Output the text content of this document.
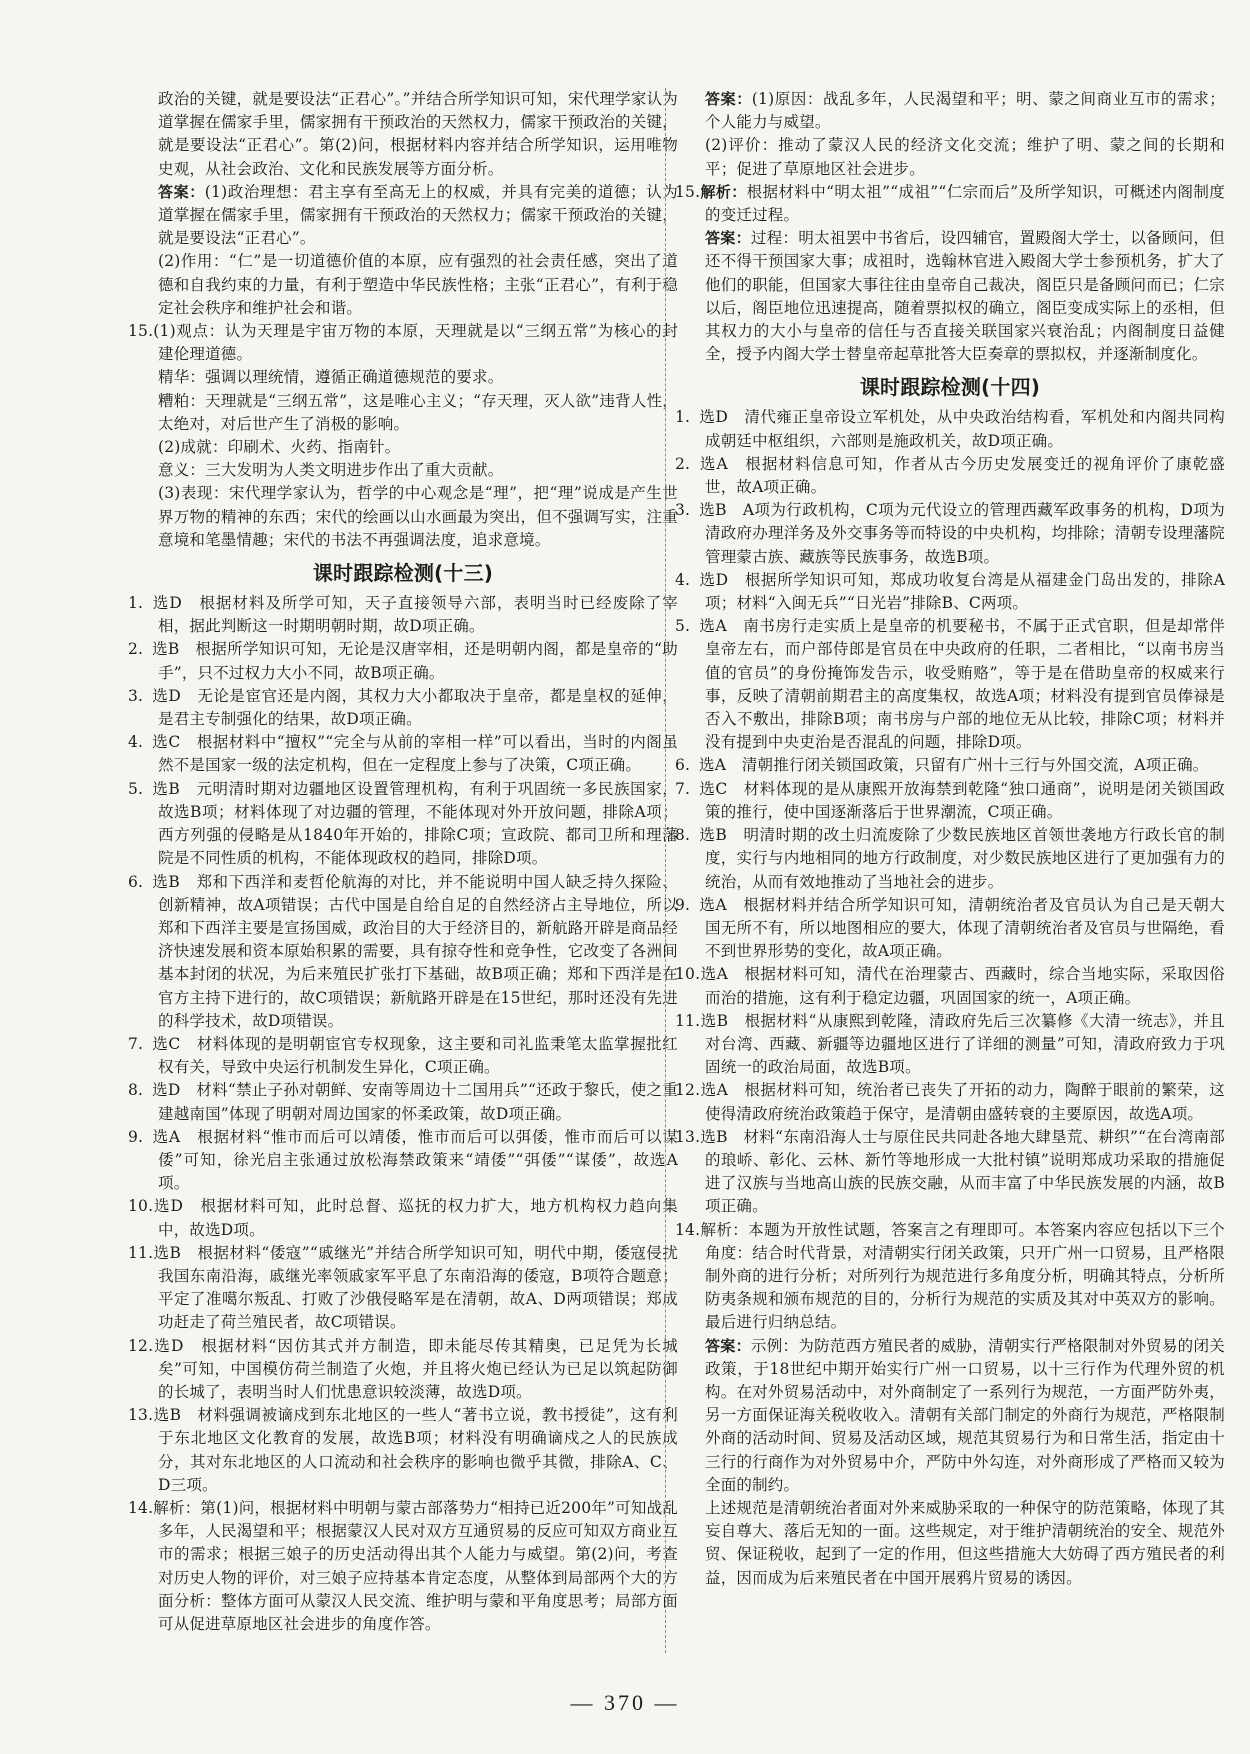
政治的关键，就是要设法“正君心”。”并结合所学知识可知，宋代理学家认为道掌握在儒家手里，儒家拥有干预政治的天然权力，儒家干预政治的关键，就是要设法“正君心”。第(2)问，根据材料内容并结合所学知识，运用唯物史观，从社会政治、文化和民族发展等方面分析。

答案：(1)政治理想：君主享有至高无上的权威，并具有完美的道德；认为道掌握在儒家手里，儒家拥有干预政治的天然权力；儒家干预政治的关键，就是要设法“正君心”。

(2)作用：“仁”是一切道德价值的本原，应有强烈的社会责任感，突出了道德和自我约束的力量，有利于塑造中华民族性格；主张“正君心”，有利于稳定社会秩序和维护社会和谐。

15.(1)观点：认为天理是宇宙万物的本原，天理就是以“三纲五常”为核心的封建伦理道德。

精华：强调以理统情，遵循正确道德规范的要求。

糟粕：天理就是“三纲五常”，这是唯心主义；“存天理，灭人欲”违背人性，太绝对，对后世产生了消极的影响。

(2)成就：印刷术、火药、指南针。

意义：三大发明为人类文明进步作出了重大贡献。

(3)表现：宋代理学家认为，哲学的中心观念是“理”，把“理”说成是产生世界万物的精神的东西；宋代的绘画以山水画最为突出，但不强调写实，注重意境和笔墨情趣；宋代的书法不再强调法度，追求意境。

课时跟踪检测(十三)

1. 选D　根据材料及所学可知，天子直接领导六部，表明当时已经废除了宰相，据此判断这一时期明朝时期，故D项正确。

2. 选B　根据所学知识可知，无论是汉唐宰相，还是明朝内阁，都是皇帝的“助手”，只不过权力大小不同，故B项正确。

3. 选D　无论是宦官还是内阁，其权力大小都取决于皇帝，都是皇权的延伸，是君主专制强化的结果，故D项正确。

4. 选C　根据材料中“擅权”“完全与从前的宰相一样”可以看出，当时的内阁虽然不是国家一级的法定机构，但在一定程度上参与了决策，C项正确。

5. 选B　元明清时期对边疆地区设置管理机构，有利于巩固统一多民族国家，故选B项；材料体现了对边疆的管理，不能体现对外开放问题，排除A项；西方列强的侵略是从1840年开始的，排除C项；宣政院、都司卫所和理藩院是不同性质的机构，不能体现政权的趋同，排除D项。

6. 选B　郑和下西洋和麦哲伦航海的对比，并不能说明中国人缺乏持久探险、创新精神，故A项错误；古代中国是自给自足的自然经济占主导地位，所以郑和下西洋主要是宣扬国威，政治目的大于经济目的，新航路开辟是商品经济快速发展和资本原始积累的需要，具有掠夺性和竞争性，它改变了各洲间基本封闭的状况，为后来殖民扩张打下基础，故B项正确；郑和下西洋是在官方主持下进行的，故C项错误；新航路开辟是在15世纪，那时还没有先进的科学技术，故D项错误。

7. 选C　材料体现的是明朝宦官专权现象，这主要和司礼监秉笔太监掌握批红权有关，导致中央运行机制发生异化，C项正确。

8. 选D　材料“禁止子孙对朝鲜、安南等周边十二国用兵”“还政于黎氏，使之重建越南国”体现了明朝对周边国家的怀柔政策，故D项正确。

9. 选A　根据材料“惟市而后可以靖倭，惟市而后可以弭倭，惟市而后可以谋倭”可知，徐光启主张通过放松海禁政策来“靖倭”“弭倭”“谋倭”，故选A项。

10.选D　根据材料可知，此时总督、巡抚的权力扩大，地方机构权力趋向集中，故选D项。

11.选B　根据材料“倭寇”“戚继光”并结合所学知识可知，明代中期，倭寇侵扰我国东南沿海，戚继光率领戚家军平息了东南沿海的倭寇，B项符合题意；平定了准噶尔叛乱、打败了沙俄侵略军是在清朝，故A、D两项错误；郑成功赶走了荷兰殖民者，故C项错误。

12.选D　根据材料“因仿其式并方制造，即未能尽传其精奥，已足凭为长城矣”可知，中国模仿荷兰制造了火炮，并且将火炮已经认为已足以筑起防御的长城了，表明当时人们忧患意识较淡薄，故选D项。

13.选B　材料强调被谪戍到东北地区的一些人“著书立说，教书授徒”，这有利于东北地区文化教育的发展，故选B项；材料没有明确谪戍之人的民族成分，其对东北地区的人口流动和社会秩序的影响也微乎其微，排除A、C、D三项。

14.解析：第(1)问，根据材料中明朝与蒙古部落势力“相持已近200年”可知战乱多年，人民渴望和平；根据蒙汉人民对双方互通贸易的反应可知双方商业互市的需求；根据三娘子的历史活动得出其个人能力与威望。第(2)问，考查对历史人物的评价，对三娘子应持基本肯定态度，从整体到局部两个大的方面分析：整体方面可从蒙汉人民交流、维护明与蒙和平角度思考；局部方面可从促进草原地区社会进步的角度作答。

答案：(1)原因：战乱多年，人民渴望和平；明、蒙之间商业互市的需求；个人能力与威望。

(2)评价：推动了蒙汉人民的经济文化交流；维护了明、蒙之间的长期和平；促进了草原地区社会进步。

15.解析：根据材料中“明太祖”“成祖”“仁宗而后”及所学知识，可概述内阁制度的变迁过程。

答案：过程：明太祖罢中书省后，设四辅官，置殿阁大学士，以备顾问，但还不得干预国家大事；成祖时，选翰林官进入殿阁大学士参预机务，扩大了他们的职能，但国家大事往往由皇帝自己裁决，阁臣只是备顾问而已；仁宗以后，阁臣地位迅速提高，随着票拟权的确立，阁臣变成实际上的丞相，但其权力的大小与皇帝的信任与否直接关联国家兴衰治乱；内阁制度日益健全，授予内阁大学士替皇帝起草批答大臣奏章的票拟权，并逐渐制度化。

课时跟踪检测(十四)

1. 选D　清代雍正皇帝设立军机处，从中央政治结构看，军机处和内阁共同构成朝廷中枢组织，六部则是施政机关，故D项正确。

2. 选A　根据材料信息可知，作者从古今历史发展变迁的视角评价了康乾盛世，故A项正确。

3. 选B　A项为行政机构，C项为元代设立的管理西藏军政事务的机构，D项为清政府办理洋务及外交事务等而特设的中央机构，均排除；清朝专设理藩院管理蒙古族、藏族等民族事务，故选B项。

4. 选D　根据所学知识可知，郑成功收复台湾是从福建金门岛出发的，排除A项；材料“入闽无兵”“日光岩”排除B、C两项。

5. 选A　南书房行走实质上是皇帝的机要秘书，不属于正式官职，但是却常伴皇帝左右，而户部侍郎是官员在中央政府的任职，二者相比，“以南书房当值的官员”的身份掩饰发告示，收受贿赂”，等于是在借助皇帝的权威来行事，反映了清朝前期君主的高度集权，故选A项；材料没有提到官员俸禄是否入不敷出，排除B项；南书房与户部的地位无从比较，排除C项；材料并没有提到中央吏治是否混乱的问题，排除D项。

6. 选A　清朝推行闭关锁国政策，只留有广州十三行与外国交流，A项正确。

7. 选C　材料体现的是从康熙开放海禁到乾隆“独口通商”，说明是闭关锁国政策的推行，使中国逐渐落后于世界潮流，C项正确。

8. 选B　明清时期的改土归流废除了少数民族地区首领世袭地方行政长官的制度，实行与内地相同的地方行政制度，对少数民族地区进行了更加强有力的统治，从而有效地推动了当地社会的进步。

9. 选A　根据材料并结合所学知识可知，清朝统治者及官员认为自己是天朝大国无所不有，所以地图相应的要大，体现了清朝统治者及官员与世隔绝，看不到世界形势的变化，故A项正确。

10.选A　根据材料可知，清代在治理蒙古、西藏时，综合当地实际，采取因俗而治的措施，这有利于稳定边疆，巩固国家的统一，A项正确。

11.选B　根据材料“从康熙到乾隆，清政府先后三次纂修《大清一统志》，并且对台湾、西藏、新疆等边疆地区进行了详细的测量”可知，清政府致力于巩固统一的政治局面，故选B项。

12.选A　根据材料可知，统治者已丧失了开拓的动力，陶醉于眼前的繁荣，这使得清政府统治政策趋于保守，是清朝由盛转衰的主要原因，故选A项。

13.选B　材料“东南沿海人士与原住民共同赴各地大肆垦荒、耕织”“在台湾南部的琅峤、彰化、云林、新竹等地形成一大批村镇”说明郑成功采取的措施促进了汉族与当地高山族的民族交融，从而丰富了中华民族发展的内涵，故B项正确。

14.解析：本题为开放性试题，答案言之有理即可。本答案内容应包括以下三个角度：结合时代背景，对清朝实行闭关政策，只开广州一口贸易，且严格限制外商的进行分析；对所列行为规范进行多角度分析，明确其特点，分析所防夷条规和颁布规范的目的，分析行为规范的实质及其对中英双方的影响。最后进行归纳总结。

答案：示例：为防范西方殖民者的威胁，清朝实行严格限制对外贸易的闭关政策，于18世纪中期开始实行广州一口贸易，以十三行作为代理外贸的机构。在对外贸易活动中，对外商制定了一系列行为规范，一方面严防外夷，另一方面保证海关税收收入。清朝有关部门制定的外商行为规范，严格限制外商的活动时间、贸易及活动区域，规范其贸易行为和日常生活，指定由十三行的行商作为对外贸易中介，严防中外勾连，对外商形成了严格而又较为全面的制约。

上述规范是清朝统治者面对外来威胁采取的一种保守的防范策略，体现了其妄自尊大、落后无知的一面。这些规定，对于维护清朝统治的安全、规范外贸、保证税收，起到了一定的作用，但这些措施大大妨碍了西方殖民者的利益，因而成为后来殖民者在中国开展鸦片贸易的诱因。

— 370 —
